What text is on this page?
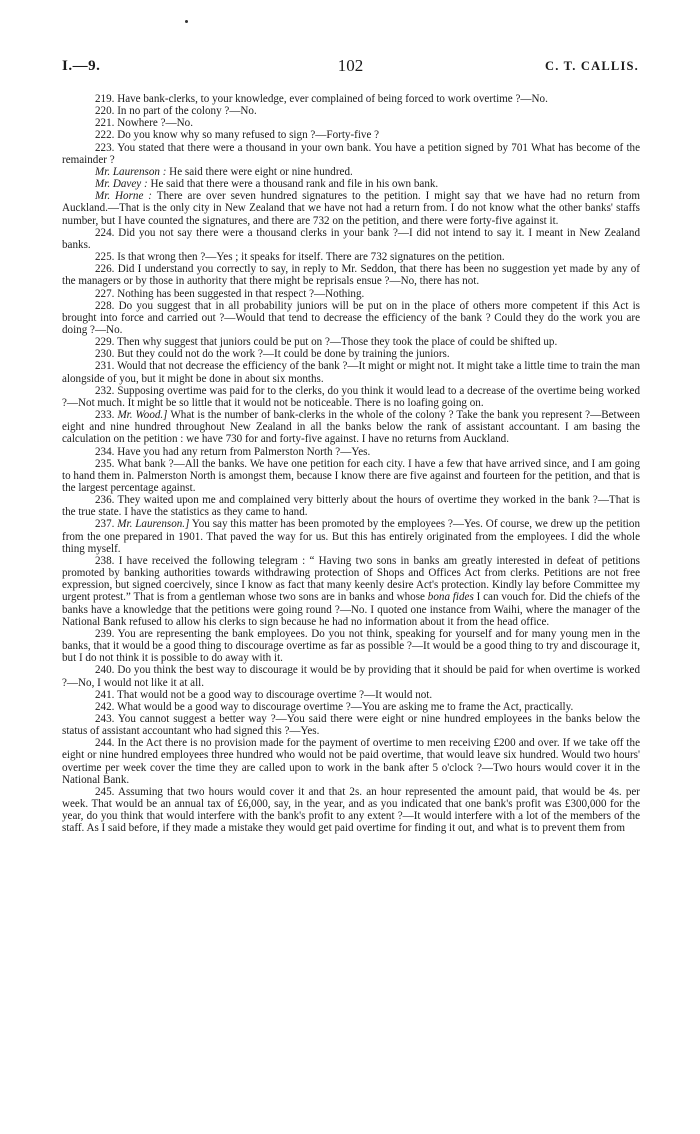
I.—9.	102	C. T. CALLIS.

219. Have bank-clerks, to your knowledge, ever complained of being forced to work overtime ?—No.

220. In no part of the colony ?—No.

221. Nowhere ?—No.

222. Do you know why so many refused to sign ?—Forty-five ?

223. You stated that there were a thousand in your own bank. You have a petition signed by 701 What has become of the remainder ?

Mr. Laurenson : He said there were eight or nine hundred.

Mr. Davey : He said that there were a thousand rank and file in his own bank.

Mr. Horne : There are over seven hundred signatures to the petition. I might say that we have had no return from Auckland.—That is the only city in New Zealand that we have not had a return from. I do not know what the other banks' staffs number, but I have counted the signatures, and there are 732 on the petition, and there were forty-five against it.

224. Did you not say there were a thousand clerks in your bank ?—I did not intend to say it. I meant in New Zealand banks.

225. Is that wrong then ?—Yes ; it speaks for itself. There are 732 signatures on the petition.

226. Did I understand you correctly to say, in reply to Mr. Seddon, that there has been no suggestion yet made by any of the managers or by those in authority that there might be reprisals ensue ?—No, there has not.

227. Nothing has been suggested in that respect ?—Nothing.

228. Do you suggest that in all probability juniors will be put on in the place of others more competent if this Act is brought into force and carried out ?—Would that tend to decrease the efficiency of the bank ? Could they do the work you are doing ?—No.

229. Then why suggest that juniors could be put on ?—Those they took the place of could be shifted up.

230. But they could not do the work ?—It could be done by training the juniors.

231. Would that not decrease the efficiency of the bank ?—It might or might not. It might take a little time to train the man alongside of you, but it might be done in about six months.

232. Supposing overtime was paid for to the clerks, do you think it would lead to a decrease of the overtime being worked ?—Not much. It might be so little that it would not be noticeable. There is no loafing going on.

233. Mr. Wood.] What is the number of bank-clerks in the whole of the colony ? Take the bank you represent ?—Between eight and nine hundred throughout New Zealand in all the banks below the rank of assistant accountant. I am basing the calculation on the petition : we have 730 for and forty-five against. I have no returns from Auckland.

234. Have you had any return from Palmerston North ?—Yes.

235. What bank ?—All the banks. We have one petition for each city. I have a few that have arrived since, and I am going to hand them in. Palmerston North is amongst them, because I know there are five against and fourteen for the petition, and that is the largest percentage against.

236. They waited upon me and complained very bitterly about the hours of overtime they worked in the bank ?—That is the true state. I have the statistics as they came to hand.

237. Mr. Laurenson.] You say this matter has been promoted by the employees ?—Yes. Of course, we drew up the petition from the one prepared in 1901. That paved the way for us. But this has entirely originated from the employees. I did the whole thing myself.

238. I have received the following telegram : “ Having two sons in banks am greatly interested in defeat of petitions promoted by banking authorities towards withdrawing protection of Shops and Offices Act from clerks. Petitions are not free expression, but signed coercively, since I know as fact that many keenly desire Act's protection. Kindly lay before Committee my urgent protest.” That is from a gentleman whose two sons are in banks and whose bona fides I can vouch for. Did the chiefs of the banks have a knowledge that the petitions were going round ?—No. I quoted one instance from Waihi, where the manager of the National Bank refused to allow his clerks to sign because he had no information about it from the head office.

239. You are representing the bank employees. Do you not think, speaking for yourself and for many young men in the banks, that it would be a good thing to discourage overtime as far as possible ?—It would be a good thing to try and discourage it, but I do not think it is possible to do away with it.

240. Do you think the best way to discourage it would be by providing that it should be paid for when overtime is worked ?—No, I would not like it at all.

241. That would not be a good way to discourage overtime ?—It would not.

242. What would be a good way to discourage overtime ?—You are asking me to frame the Act, practically.

243. You cannot suggest a better way ?—You said there were eight or nine hundred employees in the banks below the status of assistant accountant who had signed this ?—Yes.

244. In the Act there is no provision made for the payment of overtime to men receiving £200 and over. If we take off the eight or nine hundred employees three hundred who would not be paid overtime, that would leave six hundred. Would two hours' overtime per week cover the time they are called upon to work in the bank after 5 o'clock ?—Two hours would cover it in the National Bank.

245. Assuming that two hours would cover it and that 2s. an hour represented the amount paid, that would be 4s. per week. That would be an annual tax of £6,000, say, in the year, and as you indicated that one bank's profit was £300,000 for the year, do you think that would interfere with the bank's profit to any extent ?—It would interfere with a lot of the members of the staff. As I said before, if they made a mistake they would get paid overtime for finding it out, and what is to prevent them from
